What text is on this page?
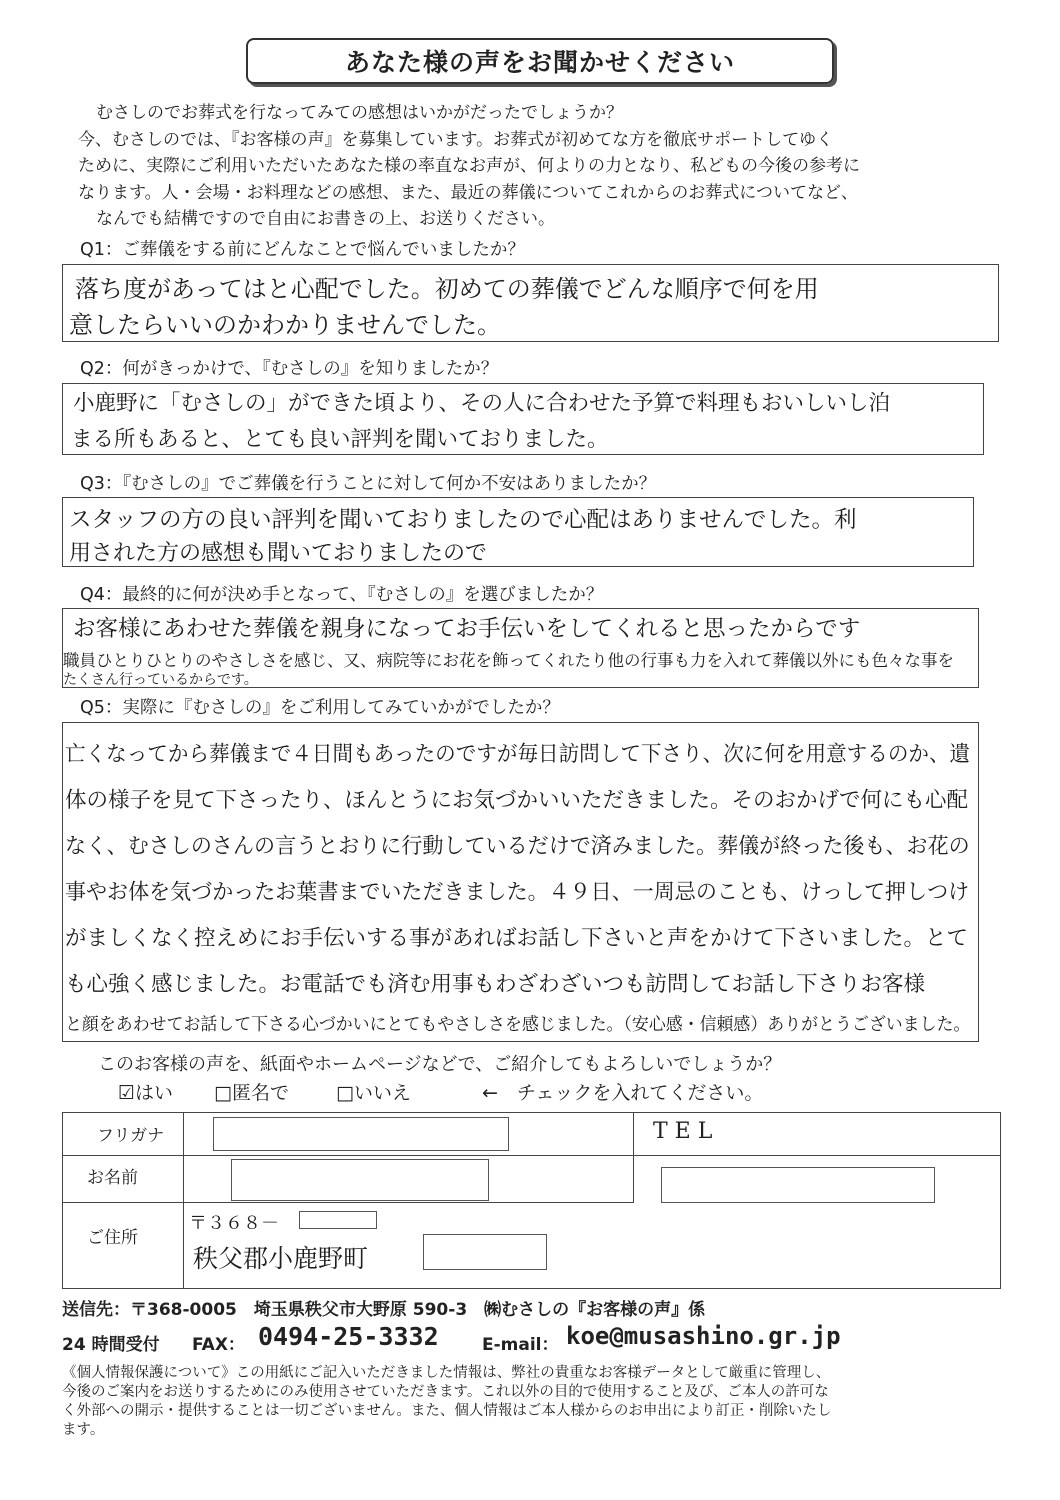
あなた様の声をお聞かせください
むさしのでお葬式を行なってみての感想はいかがだったでしょうか？
今、むさしのでは、『お客様の声』を募集しています。お葬式が初めてな方を徹底サポートしてゆく
ために、実際にご利用いただいたあなた様の率直なお声が、何よりの力となり、私どもの今後の参考に
なります。人・会場・お料理などの感想、また、最近の葬儀についてこれからのお葬式についてなど、
なんでも結構ですので自由にお書きの上、お送りください。
Q1：ご葬儀をする前にどんなことで悩んでいましたか？
落ち度があってはと心配でした。初めての葬儀でどんな順序で何を用
意したらいいのかわかりませんでした。
Q2：何がきっかけで、『むさしの』を知りましたか？
小鹿野に「むさしの」ができた頃より、その人に合わせた予算で料理もおいしいし泊
まる所もあると、とても良い評判を聞いておりました。
Q3：『むさしの』でご葬儀を行うことに対して何か不安はありましたか？
スタッフの方の良い評判を聞いておりましたので心配はありませんでした。利
用された方の感想も聞いておりましたので
Q4：最終的に何が決め手となって、『むさしの』を選びましたか？
お客様にあわせた葬儀を親身になってお手伝いをしてくれると思ったからです
職員ひとりひとりのやさしさを感じ、又、病院等にお花を飾ってくれたり他の行事も力を入れて葬儀以外にも色々な事を
たくさん行っているからです。
Q5：実際に『むさしの』をご利用してみていかがでしたか？
亡くなってから葬儀まで４日間もあったのですが毎日訪問して下さり、次に何を用意するのか、遺
体の様子を見て下さったり、ほんとうにお気づかいいただきました。そのおかげで何にも心配
なく、むさしのさんの言うとおりに行動しているだけで済みました。葬儀が終った後も、お花の
事やお体を気づかったお葉書までいただきました。４９日、一周忌のことも、けっして押しつけ
がましくなく控えめにお手伝いする事があればお話し下さいと声をかけて下さいました。とて
も心強く感じました。お電話でも済む用事もわざわざいつも訪問してお話し下さりお客様
と顔をあわせてお話して下さる心づかいにとてもやさしさを感じました。（安心感・信頼感）ありがとうございました。
このお客様の声を、紙面やホームページなどで、ご紹介してもよろしいでしょうか？
☑はい □匿名で □いいえ	←　チェックを入れてください。
フリガナ	T E L
お名前
ご住所
〒３６８－
秩父郡小鹿野町
送信先：〒368-0005　埼玉県秩父市大野原 590-3　㈱むさしの『お客様の声』係
24 時間受付 FAX： 0494-25-3332	E-mail： koe@musashino.gr.jp
《個人情報保護について》この用紙にご記入いただきました情報は、弊社の貴重なお客様データとして厳重に管理し、
今後のご案内をお送りするためにのみ使用させていただきます。これ以外の目的で使用すること及び、ご本人の許可な
く外部への開示・提供することは一切ございません。また、個人情報はご本人様からのお申出により訂正・削除いたし
ます。
